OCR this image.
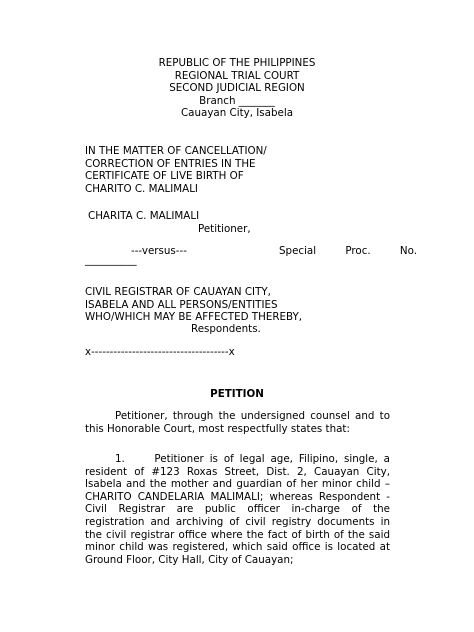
REPUBLIC OF THE PHILIPPINES
REGIONAL TRIAL COURT
SECOND JUDICIAL REGION
Branch _______
Cauayan City, Isabela
IN THE MATTER OF CANCELLATION/
CORRECTION OF ENTRIES IN THE
CERTIFICATE OF LIVE BIRTH OF
CHARITO C. MALIMALI
CHARITA C. MALIMALI
Petitioner,
---versus---	Special	Proc.	No.
__________
CIVIL REGISTRAR OF CAUAYAN CITY,
ISABELA AND ALL PERSONS/ENTITIES
WHO/WHICH MAY BE AFFECTED THEREBY,
Respondents.
x-------------------------------------x
PETITION
Petitioner, through the undersigned counsel and to this Honorable Court, most respectfully states that:
1.	Petitioner is of legal age, Filipino, single, a resident of #123 Roxas Street, Dist. 2, Cauayan City, Isabela and the mother and guardian of her minor child – CHARITO CANDELARIA MALIMALI; whereas Respondent - Civil Registrar are public officer in-charge of the registration and archiving of civil registry documents in the civil registrar office where the fact of birth of the said minor child was registered, which said office is located at Ground Floor, City Hall, City of Cauayan;
